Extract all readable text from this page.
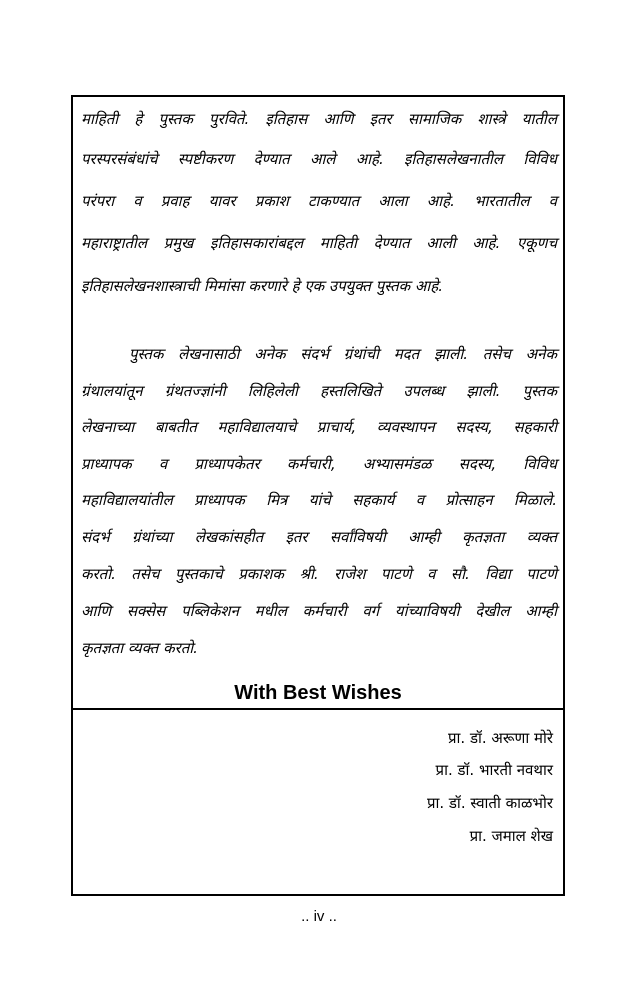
माहिती हे पुस्तक पुरविते. इतिहास आणि इतर सामाजिक शास्त्रे यातील
परस्परसंबंधांचे स्पष्टीकरण देण्यात आले आहे. इतिहासलेखनातील विविध
परंपरा व प्रवाह यावर प्रकाश टाकण्यात आला आहे. भारतातील व
महाराष्ट्रातील प्रमुख इतिहासकारांबद्दल माहिती देण्यात आली आहे. एकूणच
इतिहासलेखनशास्त्राची मिमांसा करणारे हे एक उपयुक्त पुस्तक आहे.
पुस्तक लेखनासाठी अनेक संदर्भ ग्रंथांची मदत झाली. तसेच अनेक
ग्रंथालयांतून ग्रंथतज्ज्ञांनी लिहिलेली हस्तलिखिते उपलब्ध झाली. पुस्तक
लेखनाच्या बाबतीत महाविद्यालयाचे प्राचार्य, व्यवस्थापन सदस्य, सहकारी
प्राध्यापक व प्राध्यापकेतर कर्मचारी, अभ्यासमंडळ सदस्य, विविध
महाविद्यालयांतील प्राध्यापक मित्र यांचे सहकार्य व प्रोत्साहन मिळाले.
संदर्भ ग्रंथांच्या लेखकांसहीत इतर सर्वांविषयी आम्ही कृतज्ञता व्यक्त
करतो. तसेच पुस्तकाचे प्रकाशक श्री. राजेश पाटणे व सौ. विद्या पाटणे
आणि सक्सेस पब्लिकेशन मधील कर्मचारी वर्ग यांच्याविषयी देखील आम्ही
कृतज्ञता व्यक्त करतो.
With Best Wishes
प्रा. डॉ. अरूणा मोरे
प्रा. डॉ. भारती नवथार
प्रा. डॉ. स्वाती काळभोर
प्रा. जमाल शेख
.. iv ..
